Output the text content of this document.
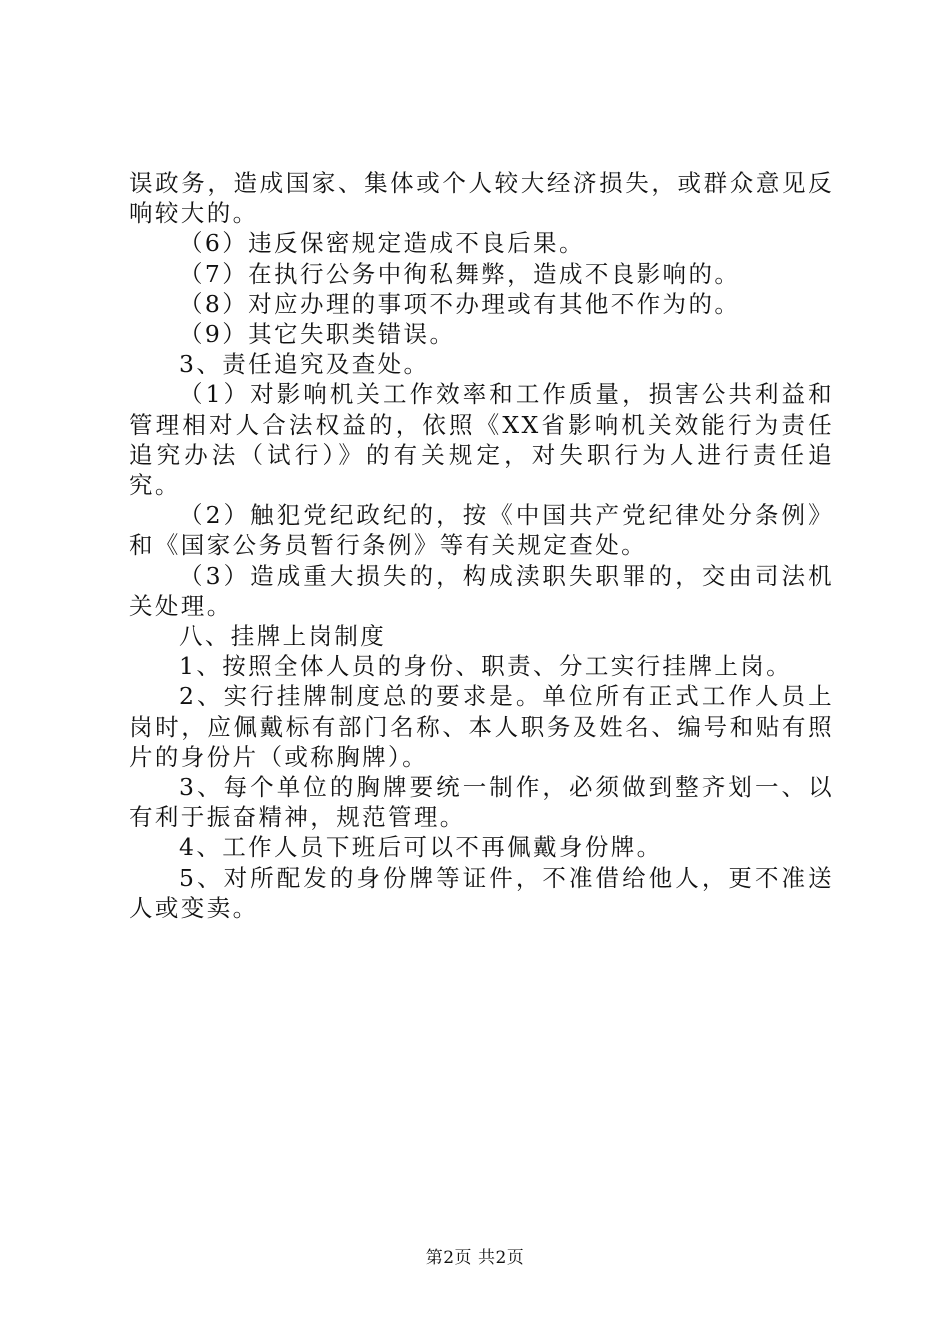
误政务，造成国家、集体或个人较大经济损失，或群众意见反响较大的。

（6）违反保密规定造成不良后果。

（7）在执行公务中徇私舞弊，造成不良影响的。

（8）对应办理的事项不办理或有其他不作为的。

（9）其它失职类错误。

3、责任追究及查处。

（1）对影响机关工作效率和工作质量，损害公共利益和管理相对人合法权益的，依照《XX省影响机关效能行为责任追究办法（试行）》的有关规定，对失职行为人进行责任追究。

（2）触犯党纪政纪的，按《中国共产党纪律处分条例》和《国家公务员暂行条例》等有关规定查处。

（3）造成重大损失的，构成渎职失职罪的，交由司法机关处理。

八、挂牌上岗制度

1、按照全体人员的身份、职责、分工实行挂牌上岗。

2、实行挂牌制度总的要求是。单位所有正式工作人员上岗时，应佩戴标有部门名称、本人职务及姓名、编号和贴有照片的身份片（或称胸牌）。

3、每个单位的胸牌要统一制作，必须做到整齐划一、以有利于振奋精神，规范管理。

4、工作人员下班后可以不再佩戴身份牌。

5、对所配发的身份牌等证件，不准借给他人，更不准送人或变卖。

第2页 共2页
